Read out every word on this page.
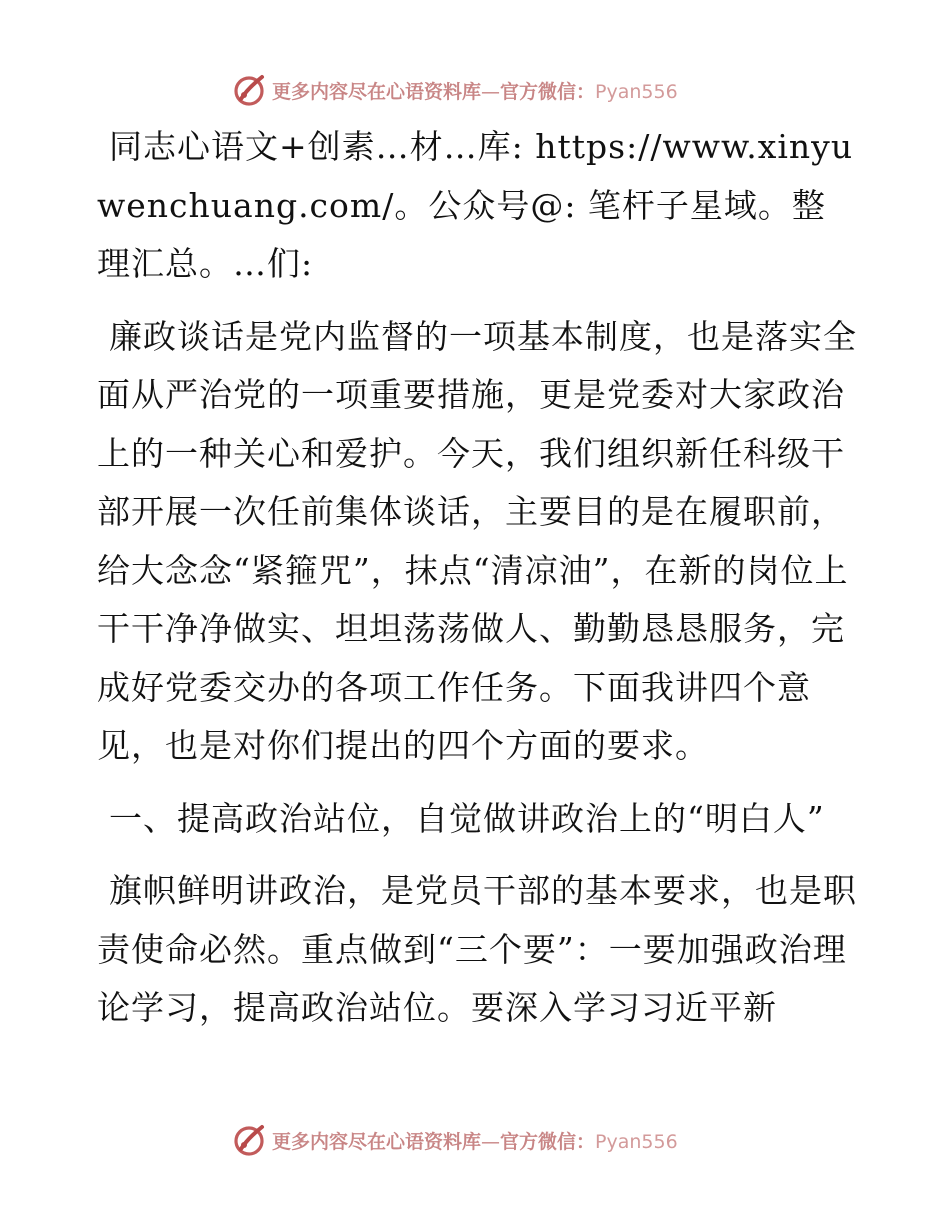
更多内容尽在心语资料库—官方微信：Pyan556

同志心语文+创素…材…库: https://www.xinyuwenchuang.com/。公众号@: 笔杆子星域。整理汇总。…们:

廉政谈话是党内监督的一项基本制度，也是落实全面从严治党的一项重要措施，更是党委对大家政治上的一种关心和爱护。今天，我们组织新任科级干部开展一次任前集体谈话，主要目的是在履职前，给大念念“紧箍咒”，抹点“清凉油”，在新的岗位上干干净净做实、坦坦荡荡做人、勤勤恳恳服务，完成好党委交办的各项工作任务。下面我讲四个意见，也是对你们提出的四个方面的要求。

一、提高政治站位，自觉做讲政治上的“明白人”

旗帜鲜明讲政治，是党员干部的基本要求，也是职责使命必然。重点做到“三个要”：一要加强政治理论学习，提高政治站位。要深入学习习近平新

更多内容尽在心语资料库—官方微信：Pyan556
